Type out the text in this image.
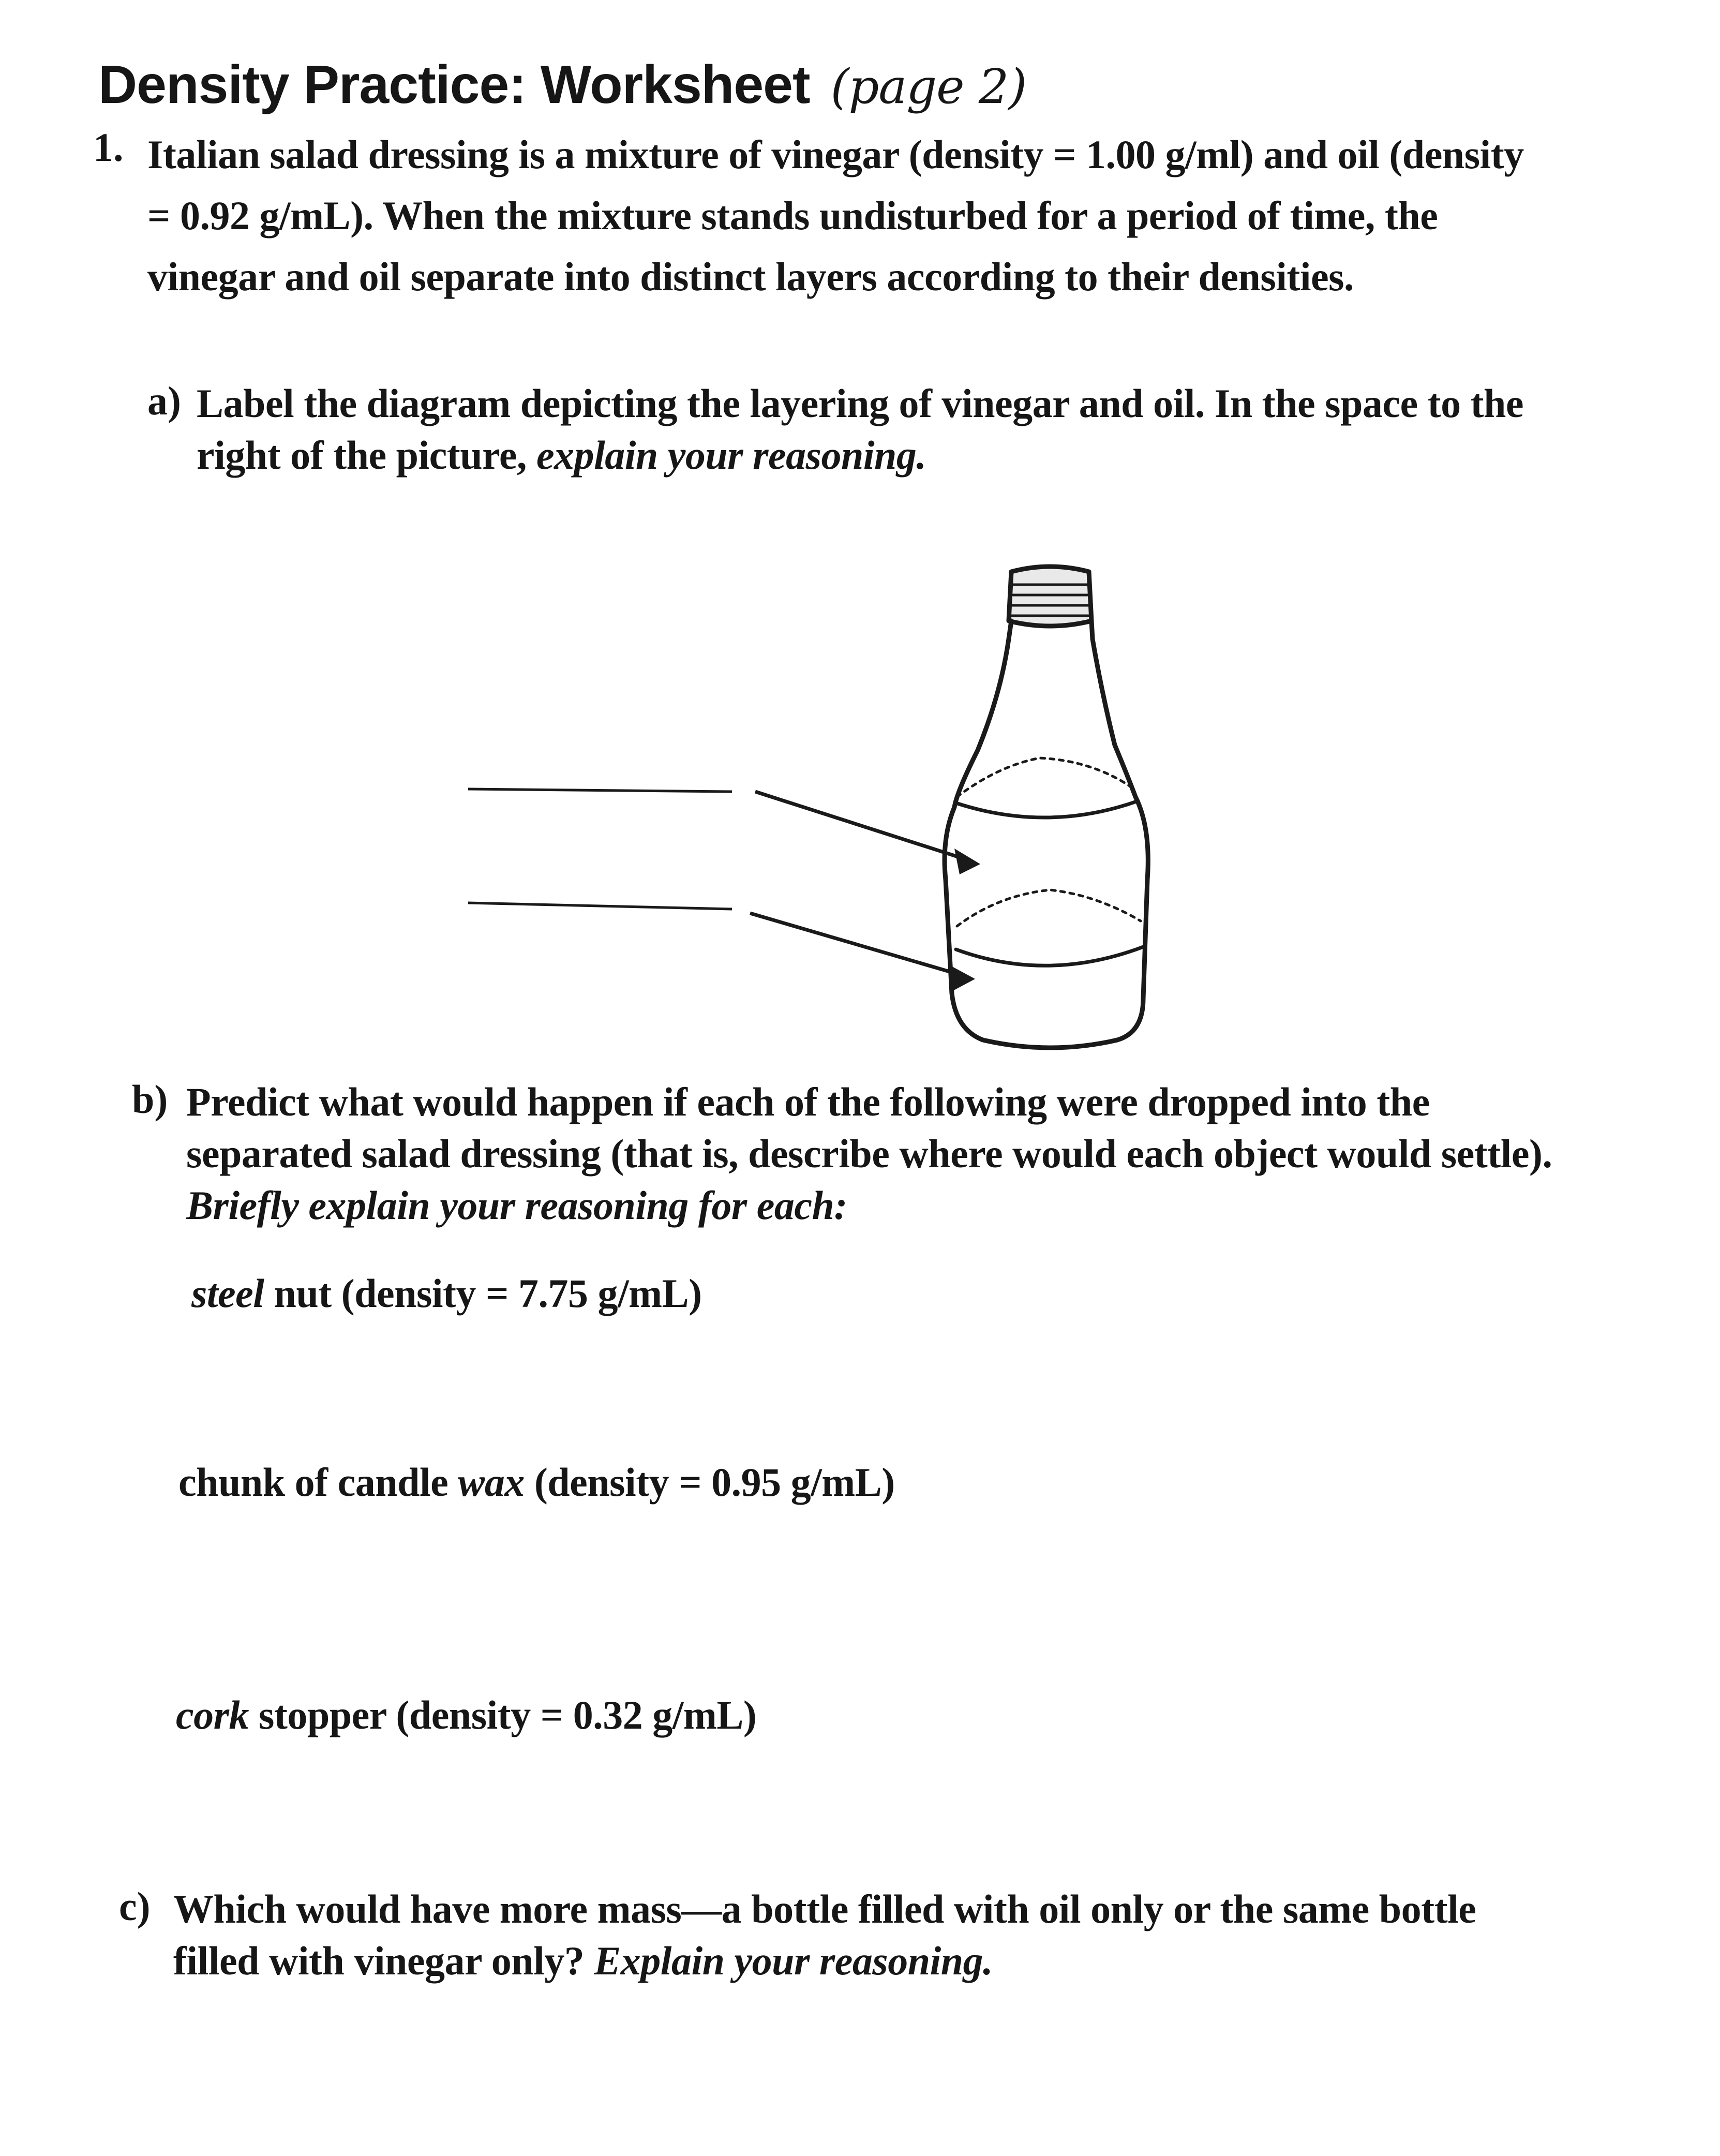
Density Practice: Worksheet (page 2)
1. Italian salad dressing is a mixture of vinegar (density = 1.00 g/ml) and oil (density = 0.92 g/mL). When the mixture stands undisturbed for a period of time, the vinegar and oil separate into distinct layers according to their densities.

a) Label the diagram depicting the layering of vinegar and oil. In the space to the right of the picture, explain your reasoning.

b) Predict what would happen if each of the following were dropped into the separated salad dressing (that is, describe where would each object would settle).
Briefly explain your reasoning for each:

steel nut (density = 7.75 g/mL)
chunk of candle wax (density = 0.95 g/mL)
cork stopper (density = 0.32 g/mL)
c) Which would have more mass—a bottle filled with oil only or the same bottle filled with vinegar only? Explain your reasoning.
